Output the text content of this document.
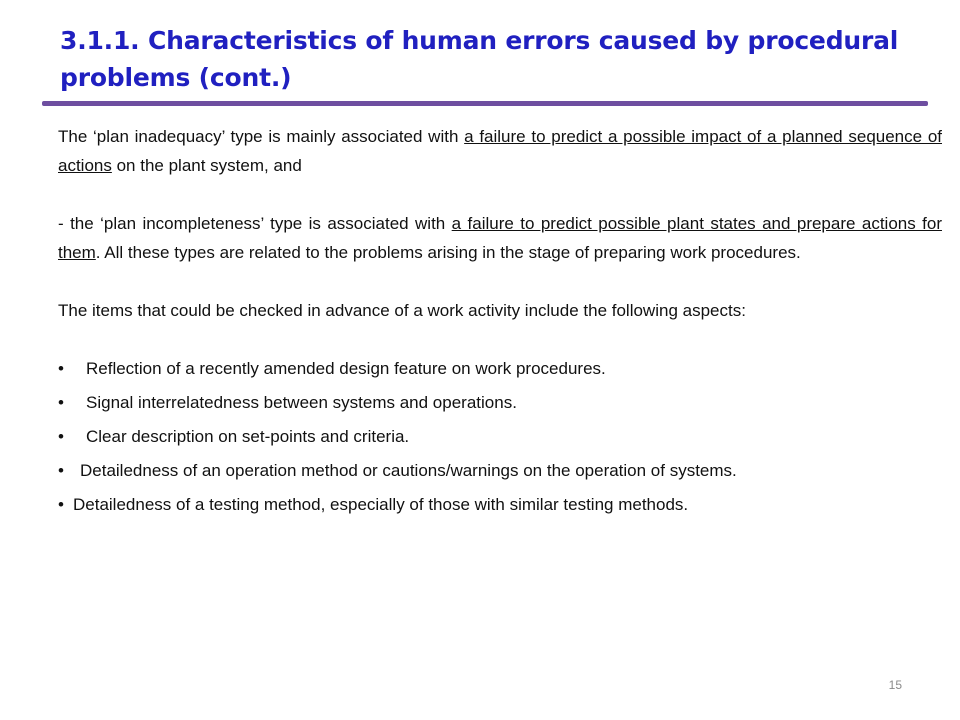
3.1.1. Characteristics of human errors caused by procedural problems (cont.)

The ‘plan inadequacy’ type is mainly associated with a failure to predict a possible impact of a planned sequence of actions on the plant system, and

- the ‘plan incompleteness’ type is associated with a failure to predict possible plant states and prepare actions for them. All these types are related to the problems arising in the stage of preparing work procedures.

The items that could be checked in advance of a work activity include the following aspects:

• Reflection of a recently amended design feature on work procedures.
• Signal interrelatedness between systems and operations.
• Clear description on set-points and criteria.
• Detailedness of an operation method or cautions/warnings on the operation of systems.
• Detailedness of a testing method, especially of those with similar testing methods.
15
